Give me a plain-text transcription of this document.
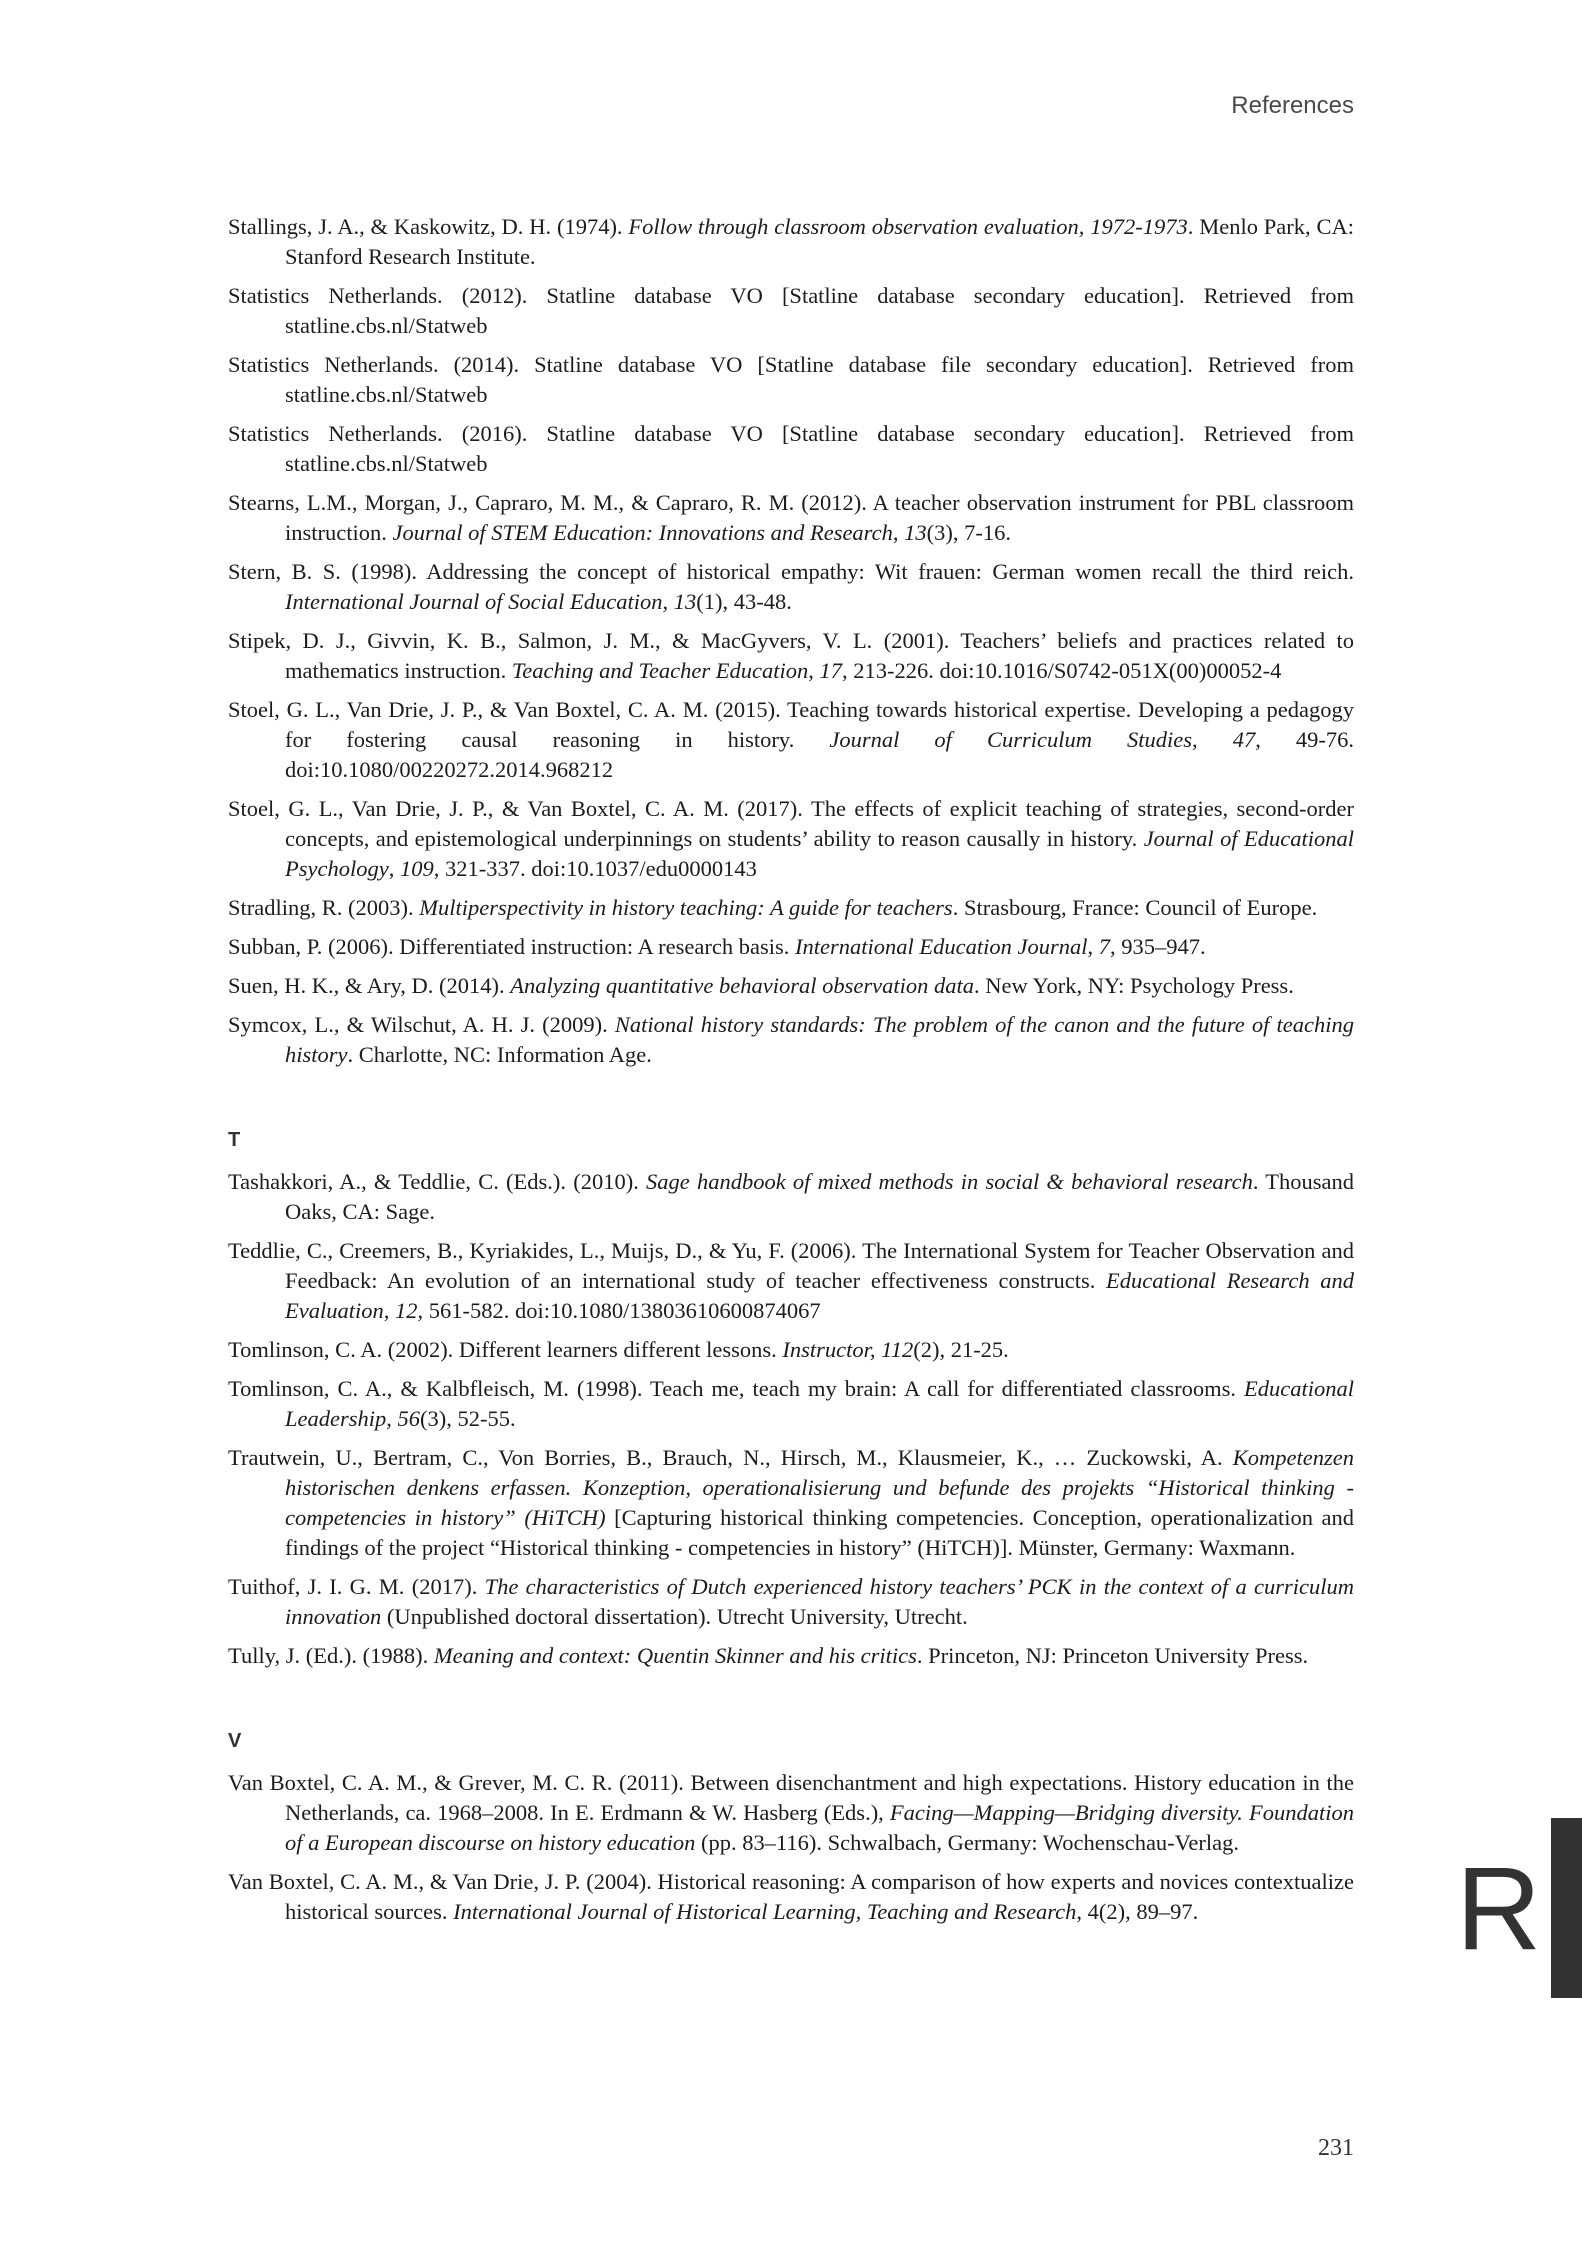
References

Stallings, J. A., & Kaskowitz, D. H. (1974). Follow through classroom observation evaluation, 1972-1973. Menlo Park, CA: Stanford Research Institute.

Statistics Netherlands. (2012). Statline database VO [Statline database secondary education]. Retrieved from statline.cbs.nl/Statweb

Statistics Netherlands. (2014). Statline database VO [Statline database file secondary education]. Retrieved from statline.cbs.nl/Statweb

Statistics Netherlands. (2016). Statline database VO [Statline database secondary education]. Retrieved from statline.cbs.nl/Statweb

Stearns, L.M., Morgan, J., Capraro, M. M., & Capraro, R. M. (2012). A teacher observation instrument for PBL classroom instruction. Journal of STEM Education: Innovations and Research, 13(3), 7-16.

Stern, B. S. (1998). Addressing the concept of historical empathy: Wit frauen: German women recall the third reich. International Journal of Social Education, 13(1), 43-48.

Stipek, D. J., Givvin, K. B., Salmon, J. M., & MacGyvers, V. L. (2001). Teachers’ beliefs and practices related to mathematics instruction. Teaching and Teacher Education, 17, 213-226. doi:10.1016/S0742-051X(00)00052-4

Stoel, G. L., Van Drie, J. P., & Van Boxtel, C. A. M. (2015). Teaching towards historical expertise. Developing a pedagogy for fostering causal reasoning in history. Journal of Curriculum Studies, 47, 49-76. doi:10.1080/00220272.2014.968212

Stoel, G. L., Van Drie, J. P., & Van Boxtel, C. A. M. (2017). The effects of explicit teaching of strategies, second-order concepts, and epistemological underpinnings on students’ ability to reason causally in history. Journal of Educational Psychology, 109, 321-337. doi:10.1037/edu0000143

Stradling, R. (2003). Multiperspectivity in history teaching: A guide for teachers. Strasbourg, France: Council of Europe.

Subban, P. (2006). Differentiated instruction: A research basis. International Education Journal, 7, 935–947.

Suen, H. K., & Ary, D. (2014). Analyzing quantitative behavioral observation data. New York, NY: Psychology Press.

Symcox, L., & Wilschut, A. H. J. (2009). National history standards: The problem of the canon and the future of teaching history. Charlotte, NC: Information Age.

T

Tashakkori, A., & Teddlie, C. (Eds.). (2010). Sage handbook of mixed methods in social & behavioral research. Thousand Oaks, CA: Sage.

Teddlie, C., Creemers, B., Kyriakides, L., Muijs, D., & Yu, F. (2006). The International System for Teacher Observation and Feedback: An evolution of an international study of teacher effectiveness constructs. Educational Research and Evaluation, 12, 561-582. doi:10.1080/13803610600874067

Tomlinson, C. A. (2002). Different learners different lessons. Instructor, 112(2), 21-25.

Tomlinson, C. A., & Kalbfleisch, M. (1998). Teach me, teach my brain: A call for differentiated classrooms. Educational Leadership, 56(3), 52-55.

Trautwein, U., Bertram, C., Von Borries, B., Brauch, N., Hirsch, M., Klausmeier, K., … Zuckowski, A. Kompetenzen historischen denkens erfassen. Konzeption, operationalisierung und befunde des projekts “Historical thinking - competencies in history” (HiTCH) [Capturing historical thinking competencies. Conception, operationalization and findings of the project “Historical thinking - competencies in history” (HiTCH)]. Münster, Germany: Waxmann.

Tuithof, J. I. G. M. (2017). The characteristics of Dutch experienced history teachers’ PCK in the context of a curriculum innovation (Unpublished doctoral dissertation). Utrecht University, Utrecht.

Tully, J. (Ed.). (1988). Meaning and context: Quentin Skinner and his critics. Princeton, NJ: Princeton University Press.

V

Van Boxtel, C. A. M., & Grever, M. C. R. (2011). Between disenchantment and high expectations. History education in the Netherlands, ca. 1968–2008. In E. Erdmann & W. Hasberg (Eds.), Facing—Mapping—Bridging diversity. Foundation of a European discourse on history education (pp. 83–116). Schwalbach, Germany: Wochenschau-Verlag.

Van Boxtel, C. A. M., & Van Drie, J. P. (2004). Historical reasoning: A comparison of how experts and novices contextualize historical sources. International Journal of Historical Learning, Teaching and Research, 4(2), 89–97.	R
231
